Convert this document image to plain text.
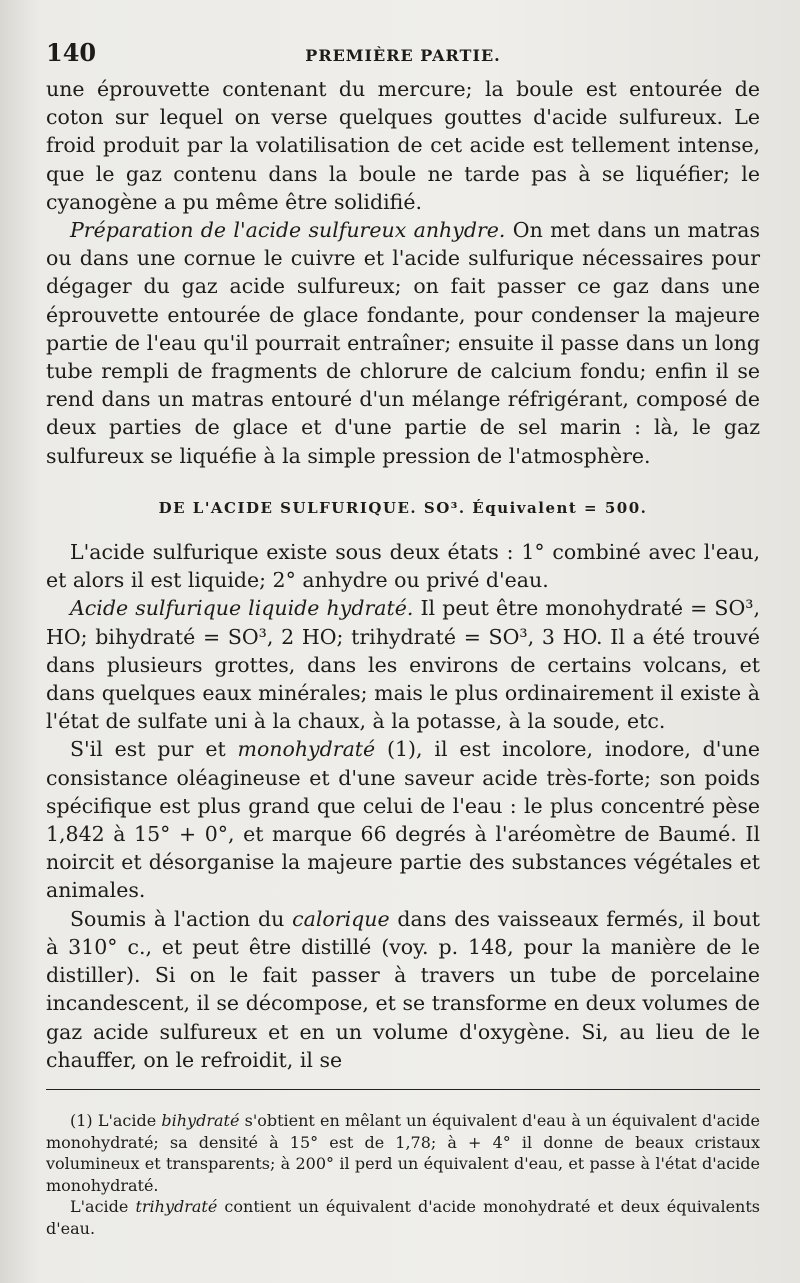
140	PREMIÈRE PARTIE.

une éprouvette contenant du mercure; la boule est entourée de coton sur lequel on verse quelques gouttes d'acide sulfureux. Le froid produit par la volatilisation de cet acide est tellement intense, que le gaz contenu dans la boule ne tarde pas à se liquéfier; le cyanogène a pu même être solidifié.

Préparation de l'acide sulfureux anhydre. On met dans un matras ou dans une cornue le cuivre et l'acide sulfurique nécessaires pour dégager du gaz acide sulfureux; on fait passer ce gaz dans une éprouvette entourée de glace fondante, pour condenser la majeure partie de l'eau qu'il pourrait entraîner; ensuite il passe dans un long tube rempli de fragments de chlorure de calcium fondu; enfin il se rend dans un matras entouré d'un mélange réfrigérant, composé de deux parties de glace et d'une partie de sel marin : là, le gaz sulfureux se liquéfie à la simple pression de l'atmosphère.

DE L'ACIDE SULFURIQUE. SO³. Équivalent = 500.

L'acide sulfurique existe sous deux états : 1° combiné avec l'eau, et alors il est liquide; 2° anhydre ou privé d'eau.

Acide sulfurique liquide hydraté. Il peut être monohydraté = SO³, HO; bihydraté = SO³, 2 HO; trihydraté = SO³, 3 HO. Il a été trouvé dans plusieurs grottes, dans les environs de certains volcans, et dans quelques eaux minérales; mais le plus ordinairement il existe à l'état de sulfate uni à la chaux, à la potasse, à la soude, etc.

S'il est pur et monohydraté (1), il est incolore, inodore, d'une consistance oléagineuse et d'une saveur acide très-forte; son poids spécifique est plus grand que celui de l'eau : le plus concentré pèse 1,842 à 15° + 0°, et marque 66 degrés à l'aréomètre de Baumé. Il noircit et désorganise la majeure partie des substances végétales et animales.

Soumis à l'action du calorique dans des vaisseaux fermés, il bout à 310° c., et peut être distillé (voy. p. 148, pour la manière de le distiller). Si on le fait passer à travers un tube de porcelaine incandescent, il se décompose, et se transforme en deux volumes de gaz acide sulfureux et en un volume d'oxygène. Si, au lieu de le chauffer, on le refroidit, il se

(1) L'acide bihydraté s'obtient en mêlant un équivalent d'eau à un équivalent d'acide monohydraté; sa densité à 15° est de 1,78; à + 4° il donne de beaux cristaux volumineux et transparents; à 200° il perd un équivalent d'eau, et passe à l'état d'acide monohydraté.

L'acide trihydraté contient un équivalent d'acide monohydraté et deux équivalents d'eau.
